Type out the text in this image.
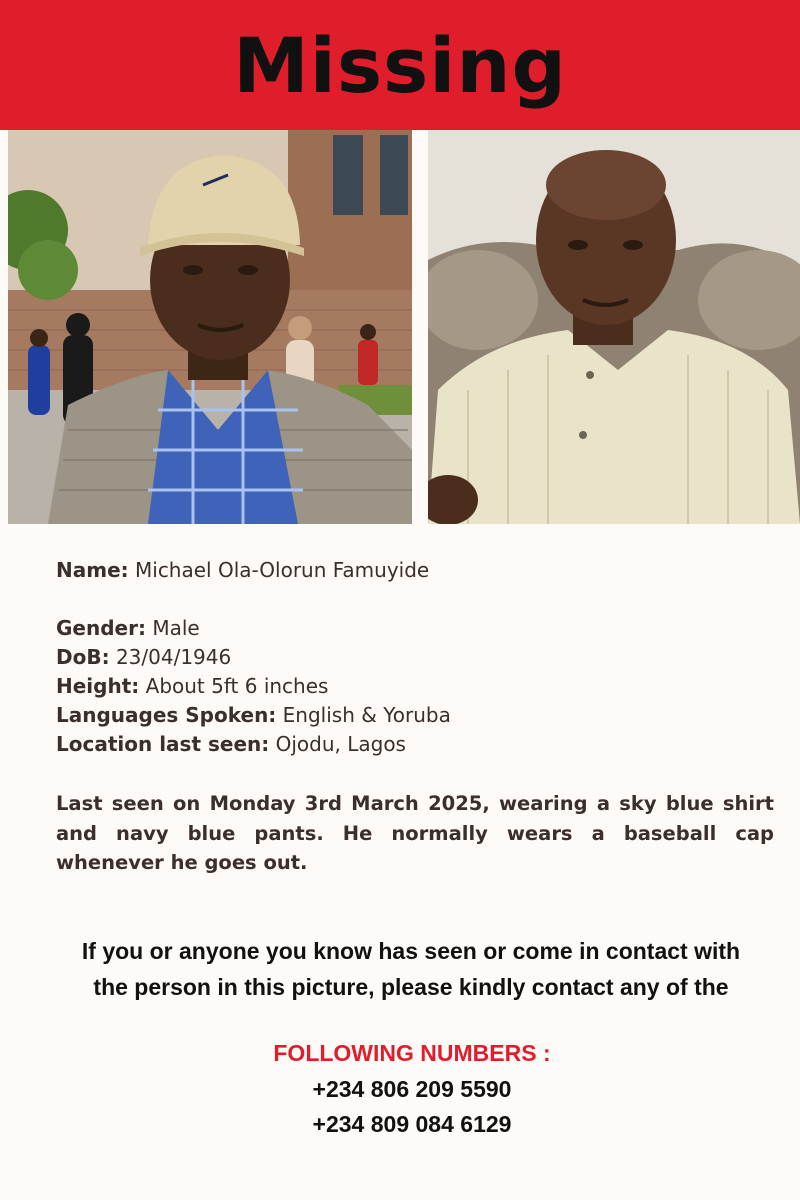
Missing
Name: Michael Ola-Olorun Famuyide
Gender: Male
DoB: 23/04/1946
Height: About 5ft 6 inches
Languages Spoken: English & Yoruba
Location last seen: Ojodu, Lagos
Last seen on Monday 3rd March 2025, wearing a sky blue shirt and navy blue pants. He normally wears a baseball cap whenever he goes out.
If you or anyone you know has seen or come in contact with
the person in this picture, please kindly contact any of the
FOLLOWING NUMBERS :
+234 806 209 5590
+234 809 084 6129
